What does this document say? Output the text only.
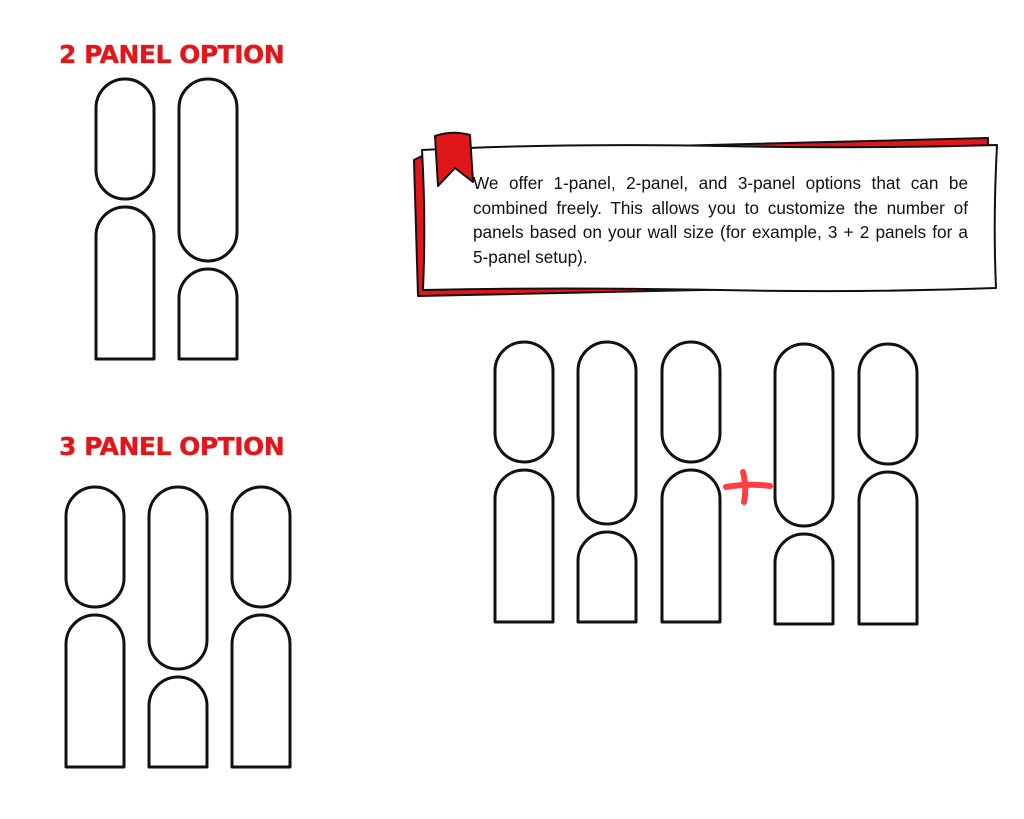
2 PANEL OPTION
3 PANEL OPTION

We offer 1-panel, 2-panel, and 3-panel options that can be combined freely. This allows you to customize the number of panels based on your wall size (for example, 3 + 2 panels for a 5-panel setup).
